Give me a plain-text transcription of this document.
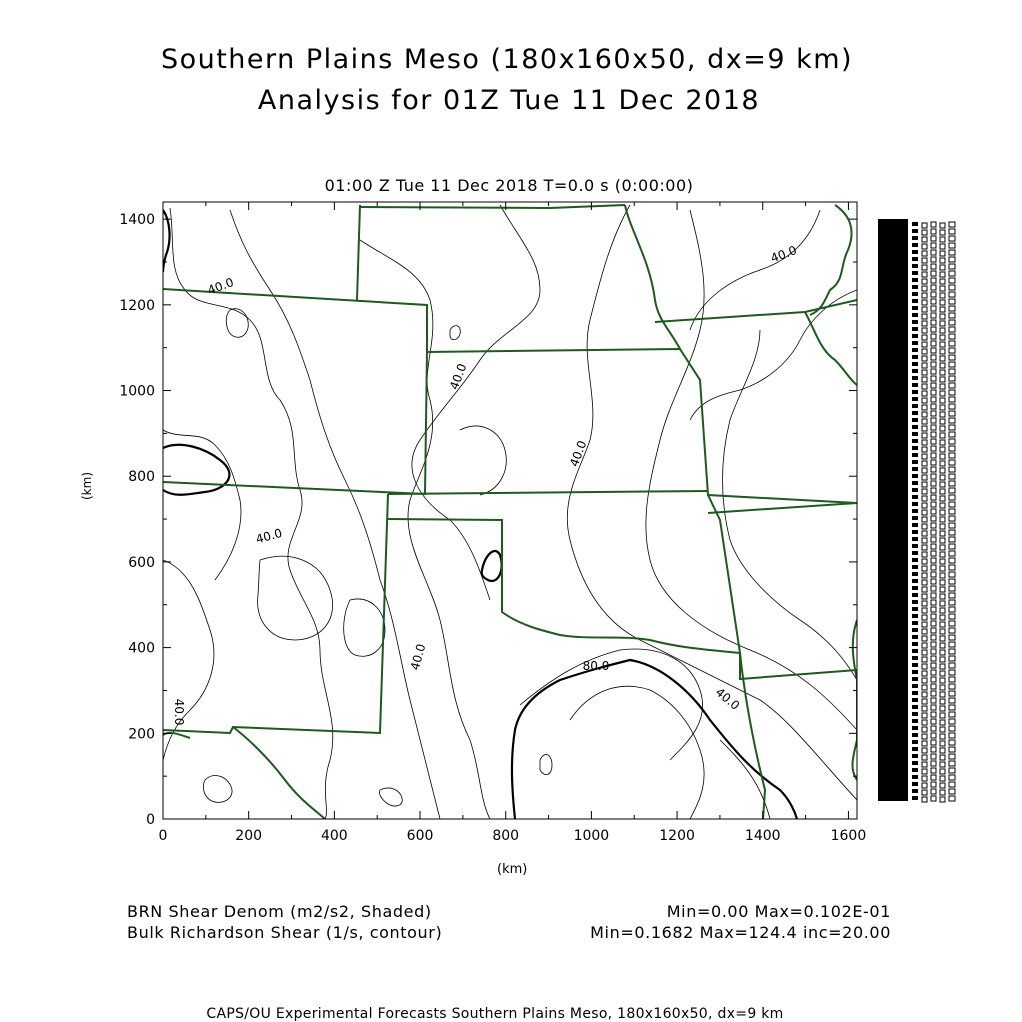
Southern Plains Meso (180x160x50, dx=9 km)
Analysis for 01Z Tue 11 Dec 2018
01:00 Z Tue 11 Dec 2018 T=0.0 s (0:00:00)
0	200	400	600	800	1000	1200	1400	1600
0
200
400
600
800
1000
1200
1400
40.0
40.0
40.0
40.0
40.0
40.0
40.0
80.0
40.0
(km)
(km)
BRN Shear Denom (m2/s2, Shaded)
Bulk Richardson Shear (1/s, contour)
Min=0.00 Max=0.102E-01
Min=0.1682 Max=124.4 inc=20.00
CAPS/OU Experimental Forecasts Southern Plains Meso, 180x160x50, dx=9 km
